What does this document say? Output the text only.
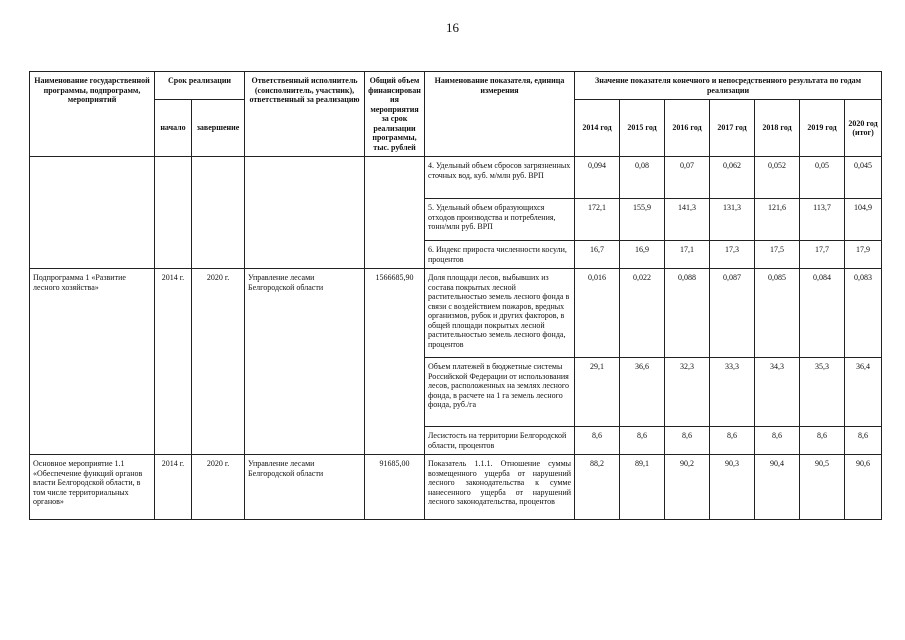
16
Наименование государственной программы, подпрограмм, мероприятий	Срок реализации		Ответственный исполнитель (соисполнитель, участник), ответственный за реализацию	Общий объем финансирования мероприятия за срок реализации программы, тыс. рублей	Наименование показателя, единица измерения	Значение показателя конечного и непосредственного результата по годам реализации						
	начало	завершение				2014 год	2015 год	2016 год	2017 год	2018 год	2019 год	2020 год (итог)
					4. Удельный объем сбросов загрязненных сточных вод, куб. м/млн руб. ВРП	0,094	0,08	0,07	0,062	0,052	0,05	0,045
					5. Удельный объем образующихся отходов производства и потребления, тонн/млн руб. ВРП	172,1	155,9	141,3	131,3	121,6	113,7	104,9
					6. Индекс прироста численности косули, процентов	16,7	16,9	17,1	17,3	17,5	17,7	17,9
Подпрограмма 1 «Развитие лесного хозяйства»	2014 г.	2020 г.	Управление лесами Белгородской области	1566685,90	Доля площади лесов, выбывших из состава покрытых лесной растительностью земель лесного фонда в связи с воздействием пожаров, вредных организмов, рубок и других факторов, в общей площади покрытых лесной растительностью земель лесного фонда, процентов	0,016	0,022	0,088	0,087	0,085	0,084	0,083
					Объем платежей в бюджетные системы Российской Федерации от использования лесов, расположенных на землях лесного фонда, в расчете на 1 га земель лесного фонда, руб./га	29,1	36,6	32,3	33,3	34,3	35,3	36,4
					Лесистость на территории Белгородской области, процентов	8,6	8,6	8,6	8,6	8,6	8,6	8,6
Основное мероприятие 1.1 «Обеспечение функций органов власти Белгородской области, в том числе территориальных органов»	2014 г.	2020 г.	Управление лесами Белгородской области	91685,00	Показатель 1.1.1. Отношение суммы возмещенного ущерба от нарушений лесного законодательства к сумме нанесенного ущерба от нарушений лесного законодательства, процентов	88,2	89,1	90,2	90,3	90,4	90,5	90,6
